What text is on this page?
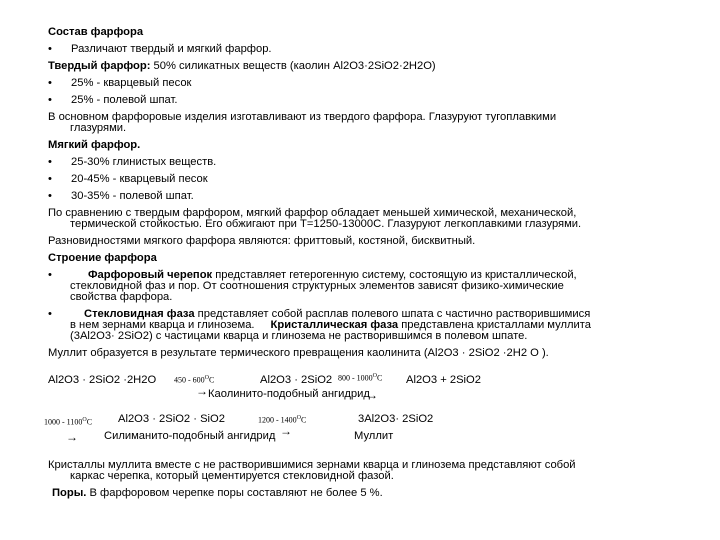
Состав фарфора
• Различают твердый и мягкий фарфор.
Твердый фарфор: 50% силикатных веществ (каолин Al2O3·2SiO2·2H2O)
• 25% - кварцевый песок
• 25% - полевой шпат.
В основном фарфоровые изделия изготавливают из твердого фарфора. Глазуруют тугоплавкими
глазурями.
Мягкий фарфор.
• 25-30% глинистых веществ.
• 20-45% - кварцевый песок
• 30-35% - полевой шпат.
По сравнению с твердым фарфором, мягкий фарфор обладает меньшей химической, механической,
термической стойкостью. Его обжигают при Т=1250-13000С. Глазуруют легкоплавкими глазурями.
Разновидностями мягкого фарфора являются: фриттовый, костяной, бисквитный.
Строение фарфора
•	Фарфоровый черепок представляет гетерогенную систему, состоящую из кристаллической,
стекловидной фаз и пор. От соотношения структурных элементов зависят физико-химические
свойства фарфора.
•	Стекловидная фаза представляет собой расплав полевого шпата с частично растворившимися
в нем зернами кварца и глинозема. Кристаллическая фаза представлена кристаллами муллита
(3Al2O3· 2SiO2) с частицами кварца и глинозема не растворившимся в полевом шпате.
Муллит образуется в результате термического превращения каолинита (Al2O3 · 2SiO2 ·2H2 O ).
Al2O3 · 2SiO2 ·2H2O $450 - 600^OC$
→
Al2O3 · 2SiO2 $800 - 1000^OC$ Al2O3 + 2SiO2
Каолинито-подобный ангидрид
→
$1000 - 1100^OC$ Al2O3 · 2SiO2 · SiO2	$1200 - 1400^OC$	3Al2O3· 2SiO2
→ Силиманито-подобный ангидрид →	Муллит
Кристаллы муллита вместе с не растворившимися зернами кварца и глинозема представляют собой
каркас черепка, который цементируется стекловидной фазой.
Поры. В фарфоровом черепке поры составляют не более 5 %.
